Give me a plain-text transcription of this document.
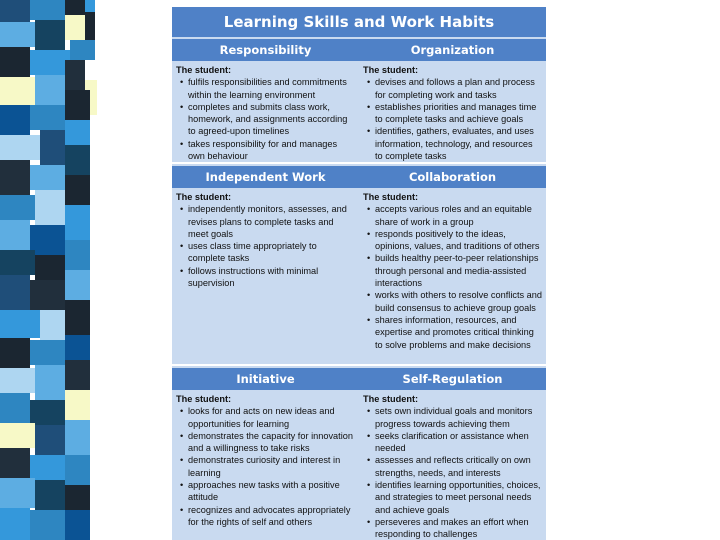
Learning Skills and Work Habits
Responsibility	Organization
The student:
• fulfils responsibilities and commitments within the learning environment
• completes and submits class work, homework, and assignments according to agreed-upon timelines
• takes responsibility for and manages own behaviour
The student:
• devises and follows a plan and process for completing work and tasks
• establishes priorities and manages time to complete tasks and achieve goals
• identifies, gathers, evaluates, and uses information, technology, and resources to complete tasks
Independent Work	Collaboration
The student:
• independently monitors, assesses, and revises plans to complete tasks and meet goals
• uses class time appropriately to complete tasks
• follows instructions with minimal supervision
The student:
• accepts various roles and an equitable share of work in a group
• responds positively to the ideas, opinions, values, and traditions of others
• builds healthy peer-to-peer relationships through personal and media-assisted interactions
• works with others to resolve conflicts and build consensus to achieve group goals
• shares information, resources, and expertise and promotes critical thinking to solve problems and make decisions
Initiative	Self-Regulation
The student:
• looks for and acts on new ideas and opportunities for learning
• demonstrates the capacity for innovation and a willingness to take risks
• demonstrates curiosity and interest in learning
• approaches new tasks with a positive attitude
• recognizes and advocates appropriately for the rights of self and others
The student:
• sets own individual goals and monitors progress towards achieving them
• seeks clarification or assistance when needed
• assesses and reflects critically on own strengths, needs, and interests
• identifies learning opportunities, choices, and strategies to meet personal needs and achieve goals
• perseveres and makes an effort when responding to challenges
